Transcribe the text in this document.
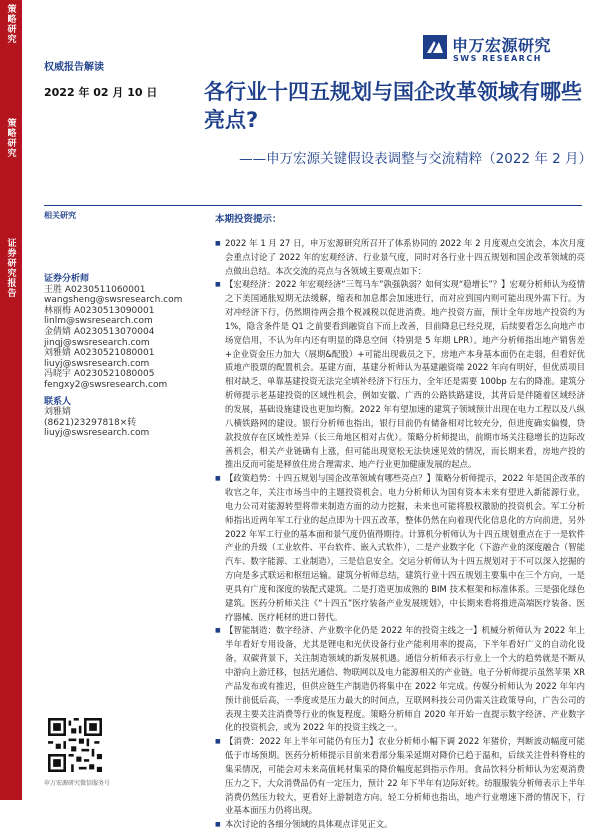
策略研究
策略研究
证券研究报告
权威报告解读
2022 年 02 月 10 日
申万宏源研究
SWS RESEARCH
各行业十四五规划与国企改革领域有哪些亮点?
——申万宏源关键假设表调整与交流精粹（2022 年 2 月）
相关研究
证券分析师
王胜 A0230511060001
wangsheng@swsresearch.com
林丽梅 A0230513090001
linlm@swsresearch.com
金倩婧 A0230513070004
jinqj@swsresearch.com
刘雅婧 A0230521080001
liuyj@swsresearch.com
冯晓宇 A0230521080005
fengxy2@swsresearch.com
联系人
刘雅婧
(8621)23297818×转
liuyj@swsresearch.com
申万宏源研究微信服务号
本期投资提示：

■ 2022 年 1 月 27 日，申万宏源研究所召开了体系协同的 2022 年 2 月度观点交流会，本次月度会重点讨论了 2022 年的宏观经济、行业景气度，同时对各行业十四五规划和国企改革领域的亮点做出总结。本次交流的亮点与各领域主要观点如下：

■ 【宏观经济：2022 年宏观经济“三驾马车”孰强孰弱？如何实现“稳增长”？】宏观分析师认为疫情之下美国通胀短期无法缓解，缩表和加息都会加速进行，而对应到国内则可能出现外需下行。为对冲经济下行，仍然期待两会推个税减税以促进消费。地产投资方面，预计全年房地产投资约为 1%，隐含条件是 Q1 之前要看到融资自下而上改善，目前降息已经兑现，后续要看怎么向地产市场宽信用，不认为年内还有明显的降息空间（特别是 5 年期 LPR）。地产分析师指出地产销售差+企业资金压力加大（展期&配股）+可能出现裁员之下，房地产本身基本面仍在走弱，但看好优质地产股票的配置机会。基建方面，基建分析师认为基建融资端 2022 年向有明好，但优质项目相对缺乏，单靠基建投资无法完全填补经济下行压力，全年还是需要 100bp 左右的降准。建筑分析师提示老基建投资的区域性机会，例如安徽、广西的公路铁路建设，其背后是伴随着区域经济的发展，基础设施建设也更加均衡。2022 年有望加速的建筑子领域预计出现在电力工程以及八纵八横铁路网的建设。银行分析师也指出，银行目前仍有储备相对比较充分，但进度确实偏慢，贷款投放存在区域性差异（长三角地区相对占优）。策略分析师提出，前期市场关注稳增长的边际改善机会，相关产业链确有上涨，但可能出现宽松无法快速见效的情况，而长期来看，房地产投的推出反而可能是释放住房合理需求、地产行业更加健康发展的起点。

■ 【政策趋势：十四五规划与国企改革领域有哪些亮点？】策略分析师提示，2022 年是国企改革的收官之年，关注市场当中的主题投资机会。电力分析师认为国有资本未来有望进入新能源行业，电力公司对能源转型将带来制造方面的动力挖掘，未来也可能将股权激励的投资机会。军工分析师指出近两年军工行业的起点即为十四五改革，整体仍然在向着现代化信息化的方向前进，另外 2022 年军工行业的基本面和景气度仍值得期待。计算机分析师认为十四五规划重点在于一是软件产业的升级（工业软件、平台软件、嵌入式软件），二是产业数字化（下游产业的深度融合（智能汽车、数字能源、工业制造），三是信息安全。交运分析师认为十四五规划对于不可以深入挖掘的方向是多式联运和枢纽运输。建筑分析师总结，建筑行业十四五规划主要集中在三个方向，一是更具有广度和深度的装配式建筑。二是打造更加成熟的 BIM 技术框架和标准体系。三是强化绿色建筑。医药分析师关注《“十四五”医疗装备产业发展规划》，中长期来看将推进高端医疗装备、医疗器械、医疗耗材的进口替代。

■ 【智能制造：数字经济、产业数字化仍是 2022 年的投资主线之一】机械分析师认为 2022 年上半年看好专用设备，尤其是锂电和光伏设备行业产能利用率的提高，下半年看好广义的自动化设备，双碳背景下，关注制造领域的新发展机遇。通信分析师表示行业上一个大的趋势就是不断从中游向上游迁移，包括光通信、物联网以及电力能源相关的产业链。电子分析师提示虽然苹果 XR 产品发布或有推迟，但供应链生产制造仍将集中在 2022 年完成。传媒分析师认为 2022 年年内预计前低后高，一季度或是压力最大的时间点，互联网科技公司仍需关注政策导向，广告公司的表现主要关注消费等行业的恢复程度。策略分析师自 2020 年开始一直提示数字经济、产业数字化的投资机会，或为 2022 年的投资主线之一。

■ 【消费：2022 年上半年可能仍有压力】农业分析师小幅下调 2022 年猪价，判断波动幅度可能低于市场预期。医药分析师提示目前来看部分集采延期对降价已趋于温和，后续关注骨科脊柱的集采情况，可能会对未来高值耗材集采的降价幅度起到指示作用。食品饮料分析师认为宏观消费压力之下，大众消费品仍有一定压力，预计 22 年下半年有边际好转。纺服服装分析师表示上半年消费仍然压力较大，更看好上游制造方向。轻工分析师也指出，地产行业增速下滑的情况下，行业基本面压力仍将出现。

■ 本次讨论的各细分领域的具体观点详见正文。
